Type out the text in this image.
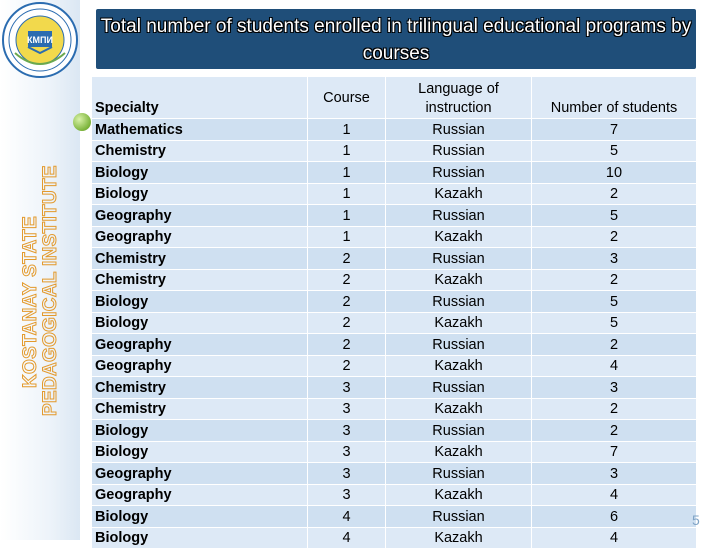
КМПИ
KOSTANAY STATE PEDAGOGICAL INSTITUTE
Total number of students enrolled in trilingual educational programs by courses
Specialty	Course	Language of instruction	Number of students
Mathematics	1	Russian	7
Chemistry	1	Russian	5
Biology	1	Russian	10
Biology	1	Kazakh	2
Geography	1	Russian	5
Geography	1	Kazakh	2
Chemistry	2	Russian	3
Chemistry	2	Kazakh	2
Biology	2	Russian	5
Biology	2	Kazakh	5
Geography	2	Russian	2
Geography	2	Kazakh	4
Chemistry	3	Russian	3
Chemistry	3	Kazakh	2
Biology	3	Russian	2
Biology	3	Kazakh	7
Geography	3	Russian	3
Geography	3	Kazakh	4
Biology	4	Russian	6
Biology	4	Kazakh	4
5
